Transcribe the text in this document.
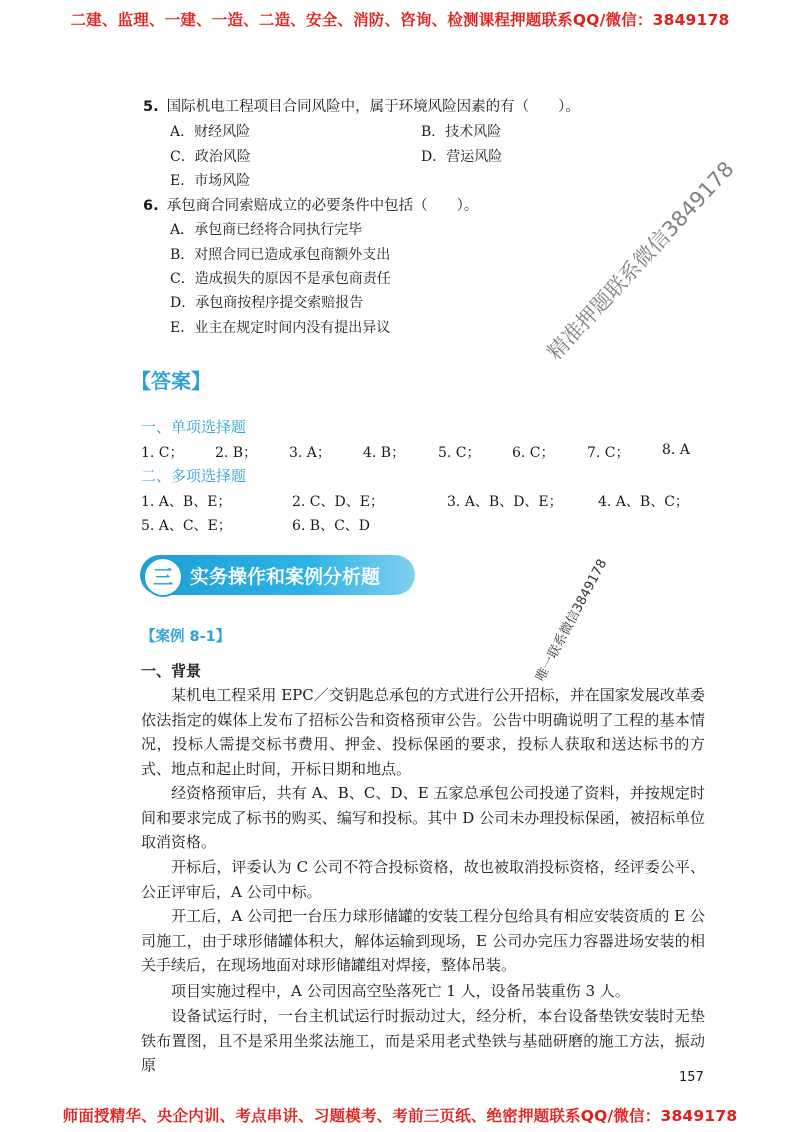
二建、监理、一建、一造、二造、安全、消防、咨询、检测课程押题联系QQ/微信：3849178
5. 国际机电工程项目合同风险中，属于环境风险因素的有（　　）。
A．财经风险	B．技术风险
C．政治风险	D．营运风险
E．市场风险
6. 承包商合同索赔成立的必要条件中包括（　　）。
A．承包商已经将合同执行完毕
B．对照合同已造成承包商额外支出
C．造成损失的原因不是承包商责任
D．承包商按程序提交索赔报告
E．业主在规定时间内没有提出异议
【答案】
一、单项选择题
1. C； 2. B； 3. A； 4. B； 5. C； 6. C； 7. C； 8. A
二、多项选择题
1. A、B、E；	2. C、D、E；	3. A、B、D、E；	4. A、B、C；
5. A、C、E；	6. B、C、D
三 实务操作和案例分析题
【案例 8-1】
一、背景
某机电工程采用 EPC／交钥匙总承包的方式进行公开招标，并在国家发展改革委依法指定的媒体上发布了招标公告和资格预审公告。公告中明确说明了工程的基本情况，投标人需提交标书费用、押金、投标保函的要求，投标人获取和送达标书的方式、地点和起止时间，开标日期和地点。
经资格预审后，共有 A、B、C、D、E 五家总承包公司投递了资料，并按规定时间和要求完成了标书的购买、编写和投标。其中 D 公司未办理投标保函，被招标单位取消资格。
开标后，评委认为 C 公司不符合投标资格，故也被取消投标资格，经评委公平、公正评审后，A 公司中标。
开工后，A 公司把一台压力球形储罐的安装工程分包给具有相应安装资质的 E 公司施工，由于球形储罐体积大，解体运输到现场，E 公司办完压力容器进场安装的相关手续后，在现场地面对球形储罐组对焊接，整体吊装。
项目实施过程中，A 公司因高空坠落死亡 1 人，设备吊装重伤 3 人。
设备试运行时，一台主机试运行时振动过大，经分析，本台设备垫铁安装时无垫铁布置图，且不是采用坐浆法施工，而是采用老式垫铁与基础研磨的施工方法，振动原
157
精准押题联系微信3849178
唯一联系微信3849178
师面授精华、央企内训、考点串讲、习题模考、考前三页纸、绝密押题联系QQ/微信：3849178
